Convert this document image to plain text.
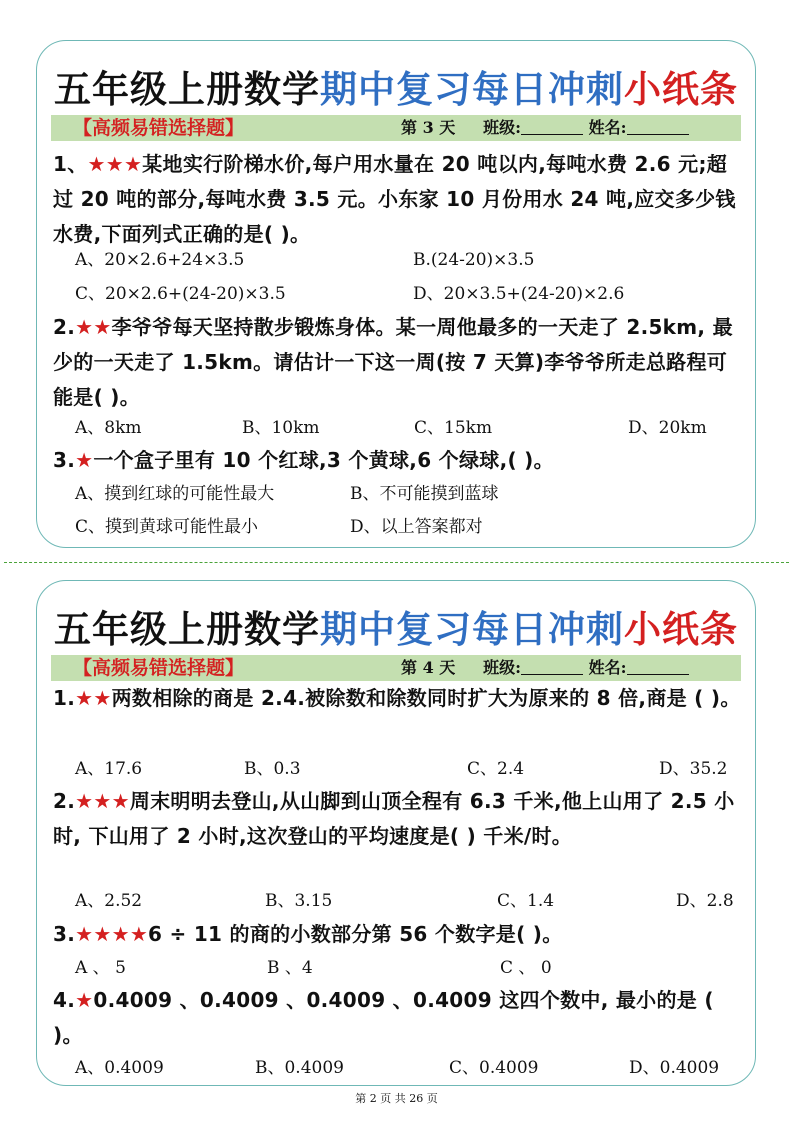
五年级上册数学期中复习每日冲刺小纸条
【高频易错选择题】	第 3 天 班级:	姓名:
1、★★★某地实行阶梯水价,每户用水量在 20 吨以内,每吨水费 2.6 元;超过 20 吨的部分,每吨水费 3.5 元。小东家 10 月份用水 24 吨,应交多少钱水费,下面列式正确的是( )。
A、20×2.6+24×3.5	B.(24-20)×3.5
C、20×2.6+(24-20)×3.5	D、20×3.5+(24-20)×2.6
2.★★李爷爷每天坚持散步锻炼身体。某一周他最多的一天走了 2.5km, 最少的一天走了 1.5km。请估计一下这一周(按 7 天算)李爷爷所走总路程可能是( )。
A、8km	B、10km	C、15km	D、20km
3.★一个盒子里有 10 个红球,3 个黄球,6 个绿球,( )。
A、摸到红球的可能性最大	B、不可能摸到蓝球
C、摸到黄球可能性最小	D、以上答案都对
五年级上册数学期中复习每日冲刺小纸条
【高频易错选择题】	第 4 天 班级:	姓名:
1.★★两数相除的商是 2.4.被除数和除数同时扩大为原来的 8 倍,商是 ( )。
A、17.6	B、0.3	C、2.4	D、35.2
2.★★★周末明明去登山,从山脚到山顶全程有 6.3 千米,他上山用了 2.5 小时, 下山用了 2 小时,这次登山的平均速度是( ) 千米/时。
A、2.52	B、3.15	C、1.4	D、2.8
3.★★★★6 ÷ 11 的商的小数部分第 56 个数字是( )。
A 、 5	B 、4	C 、 0
4.★0.4009 、0.4009 、0.4009 、0.4009 这四个数中, 最小的是 ( )。
A、0.4009	B、0.4009	C、0.4009	D、0.4009
第 2 页 共 26 页
